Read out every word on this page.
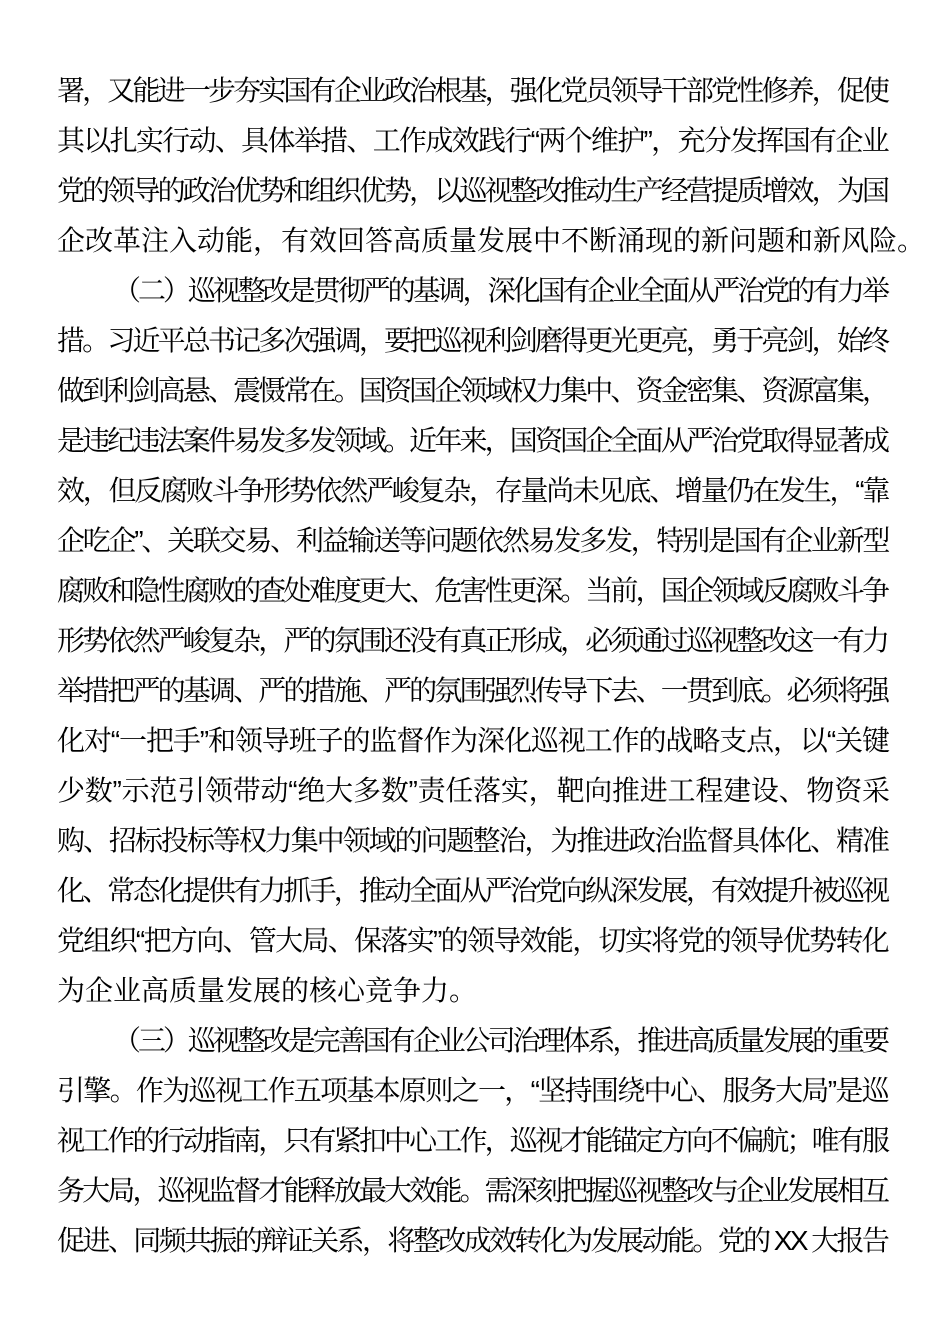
署，又能进一步夯实国有企业政治根基，强化党员领导干部党性修养，促使
其以扎实行动、具体举措、工作成效践行“两个维护”，充分发挥国有企业
党的领导的政治优势和组织优势，以巡视整改推动生产经营提质增效，为国
企改革注入动能，有效回答高质量发展中不断涌现的新问题和新风险。
（二）巡视整改是贯彻严的基调，深化国有企业全面从严治党的有力举
措。习近平总书记多次强调，要把巡视利剑磨得更光更亮，勇于亮剑，始终
做到利剑高悬、震慑常在。国资国企领域权力集中、资金密集、资源富集，
是违纪违法案件易发多发领域。近年来，国资国企全面从严治党取得显著成
效，但反腐败斗争形势依然严峻复杂，存量尚未见底、增量仍在发生，“靠
企吃企”、关联交易、利益输送等问题依然易发多发，特别是国有企业新型
腐败和隐性腐败的查处难度更大、危害性更深。当前，国企领域反腐败斗争
形势依然严峻复杂，严的氛围还没有真正形成，必须通过巡视整改这一有力
举措把严的基调、严的措施、严的氛围强烈传导下去、一贯到底。必须将强
化对“一把手”和领导班子的监督作为深化巡视工作的战略支点，以“关键
少数”示范引领带动“绝大多数”责任落实，靶向推进工程建设、物资采
购、招标投标等权力集中领域的问题整治，为推进政治监督具体化、精准
化、常态化提供有力抓手，推动全面从严治党向纵深发展，有效提升被巡视
党组织“把方向、管大局、保落实”的领导效能，切实将党的领导优势转化
为企业高质量发展的核心竞争力。
（三）巡视整改是完善国有企业公司治理体系，推进高质量发展的重要
引擎。作为巡视工作五项基本原则之一，“坚持围绕中心、服务大局”是巡
视工作的行动指南，只有紧扣中心工作，巡视才能锚定方向不偏航；唯有服
务大局，巡视监督才能释放最大效能。需深刻把握巡视整改与企业发展相互
促进、同频共振的辩证关系，将整改成效转化为发展动能。党的 XX 大报告
